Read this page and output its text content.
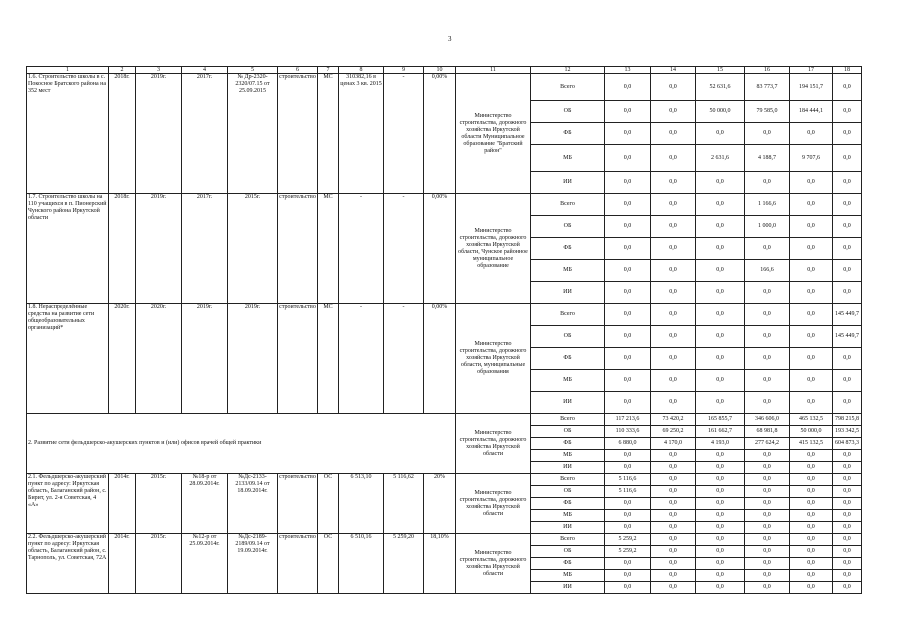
3
1	2	3	4	5	6	7	8	9	10	11	12	13	14	15	16	17	18
1.6. Строительство школы в с. Покосное Братского района на 352 мест	2018г.	2019г.	2017г.	№ Др-2320-2320/07.15 от 25.09.2015	строительство	МС	310382,16 в ценах 3 кв. 2015	-	0,00%	Министерство строительства, дорожного хозяйства Иркутской области Муниципальное образование "Братский район"	Всего	0,0	0,0	52 631,6	83 773,7	194 151,7	0,0
											ОБ	0,0	0,0	50 000,0	79 585,0	184 444,1	0,0
											ФБ	0,0	0,0	0,0	0,0	0,0	0,0
											МБ	0,0	0,0	2 631,6	4 188,7	9 707,6	0,0
											ИИ	0,0	0,0	0,0	0,0	0,0	0,0
1.7. Строительство школы на 110 учащихся в п. Пионерский Чунского района Иркутской области	2018г.	2019г.	2017г.	2015г.	строительство	МС	-	-	0,00%	Министерство строительства, дорожного хозяйства Иркутской области, Чунское районное муниципальное образование	Всего	0,0	0,0	0,0	1 166,6	0,0	0,0
											ОБ	0,0	0,0	0,0	1 000,0	0,0	0,0
											ФБ	0,0	0,0	0,0	0,0	0,0	0,0
											МБ	0,0	0,0	0,0	166,6	0,0	0,0
											ИИ	0,0	0,0	0,0	0,0	0,0	0,0
1.8. Нераспределённые средства на развитие сети общеобразовательных организаций*	2020г.	2020г.	2019г.	2019г.	строительство	МС	-	-	0,00%	Министерство строительства, дорожного хозяйства Иркутской области, муниципальные образования	Всего	0,0	0,0	0,0	0,0	0,0	145 449,7
											ОБ	0,0	0,0	0,0	0,0	0,0	145 449,7
											ФБ	0,0	0,0	0,0	0,0	0,0	0,0
											МБ	0,0	0,0	0,0	0,0	0,0	0,0
											ИИ	0,0	0,0	0,0	0,0	0,0	0,0
2. Развитие сети фельдшерско-акушерских пунктов и (или) офисов врачей общей практики										Министерство строительства, дорожного хозяйства Иркутской области	Всего	117 213,6	73 420,2	165 855,7	346 606,0	465 132,5	798 215,8
											ОБ	110 333,6	69 250,2	161 662,7	68 981,8	50 000,0	193 342,5
											ФБ	6 880,0	4 170,0	4 193,0	277 624,2	415 132,5	604 873,3
											МБ	0,0	0,0	0,0	0,0	0,0	0,0
											ИИ	0,0	0,0	0,0	0,0	0,0	0,0
2.1. Фельдшерско-акушерский пункт по адресу: Иркутская область, Балаганский район, с. Бирит, ул. 2-я Советская, 4 «А»	2014г.	2015г.	№18-р от 28.09.2014г.	№Дс-2133-2133/09.14 от 18.09.2014г.	строительство	ОС	6 513,10	5 116,62	20%	Министерство строительства, дорожного хозяйства Иркутской области	Всего	5 116,6	0,0	0,0	0,0	0,0	0,0
											ОБ	5 116,6	0,0	0,0	0,0	0,0	0,0
											ФБ	0,0	0,0	0,0	0,0	0,0	0,0
											МБ	0,0	0,0	0,0	0,0	0,0	0,0
											ИИ	0,0	0,0	0,0	0,0	0,0	0,0
2.2. Фельдшерско-акушерский пункт по адресу: Иркутская область, Балаганский район, с. Тарнополь, ул. Советская, 72А	2014г.	2015г.	№12-р от 25.09.2014г.	№Дс-2189-2189/09.14 от 19.09.2014г.	строительство	ОС	6 510,16	5 259,20	18,10%	Министерство строительства, дорожного хозяйства Иркутской области	Всего	5 259,2	0,0	0,0	0,0	0,0	0,0
											ОБ	5 259,2	0,0	0,0	0,0	0,0	0,0
											ФБ	0,0	0,0	0,0	0,0	0,0	0,0
											МБ	0,0	0,0	0,0	0,0	0,0	0,0
											ИИ	0,0	0,0	0,0	0,0	0,0	0,0
